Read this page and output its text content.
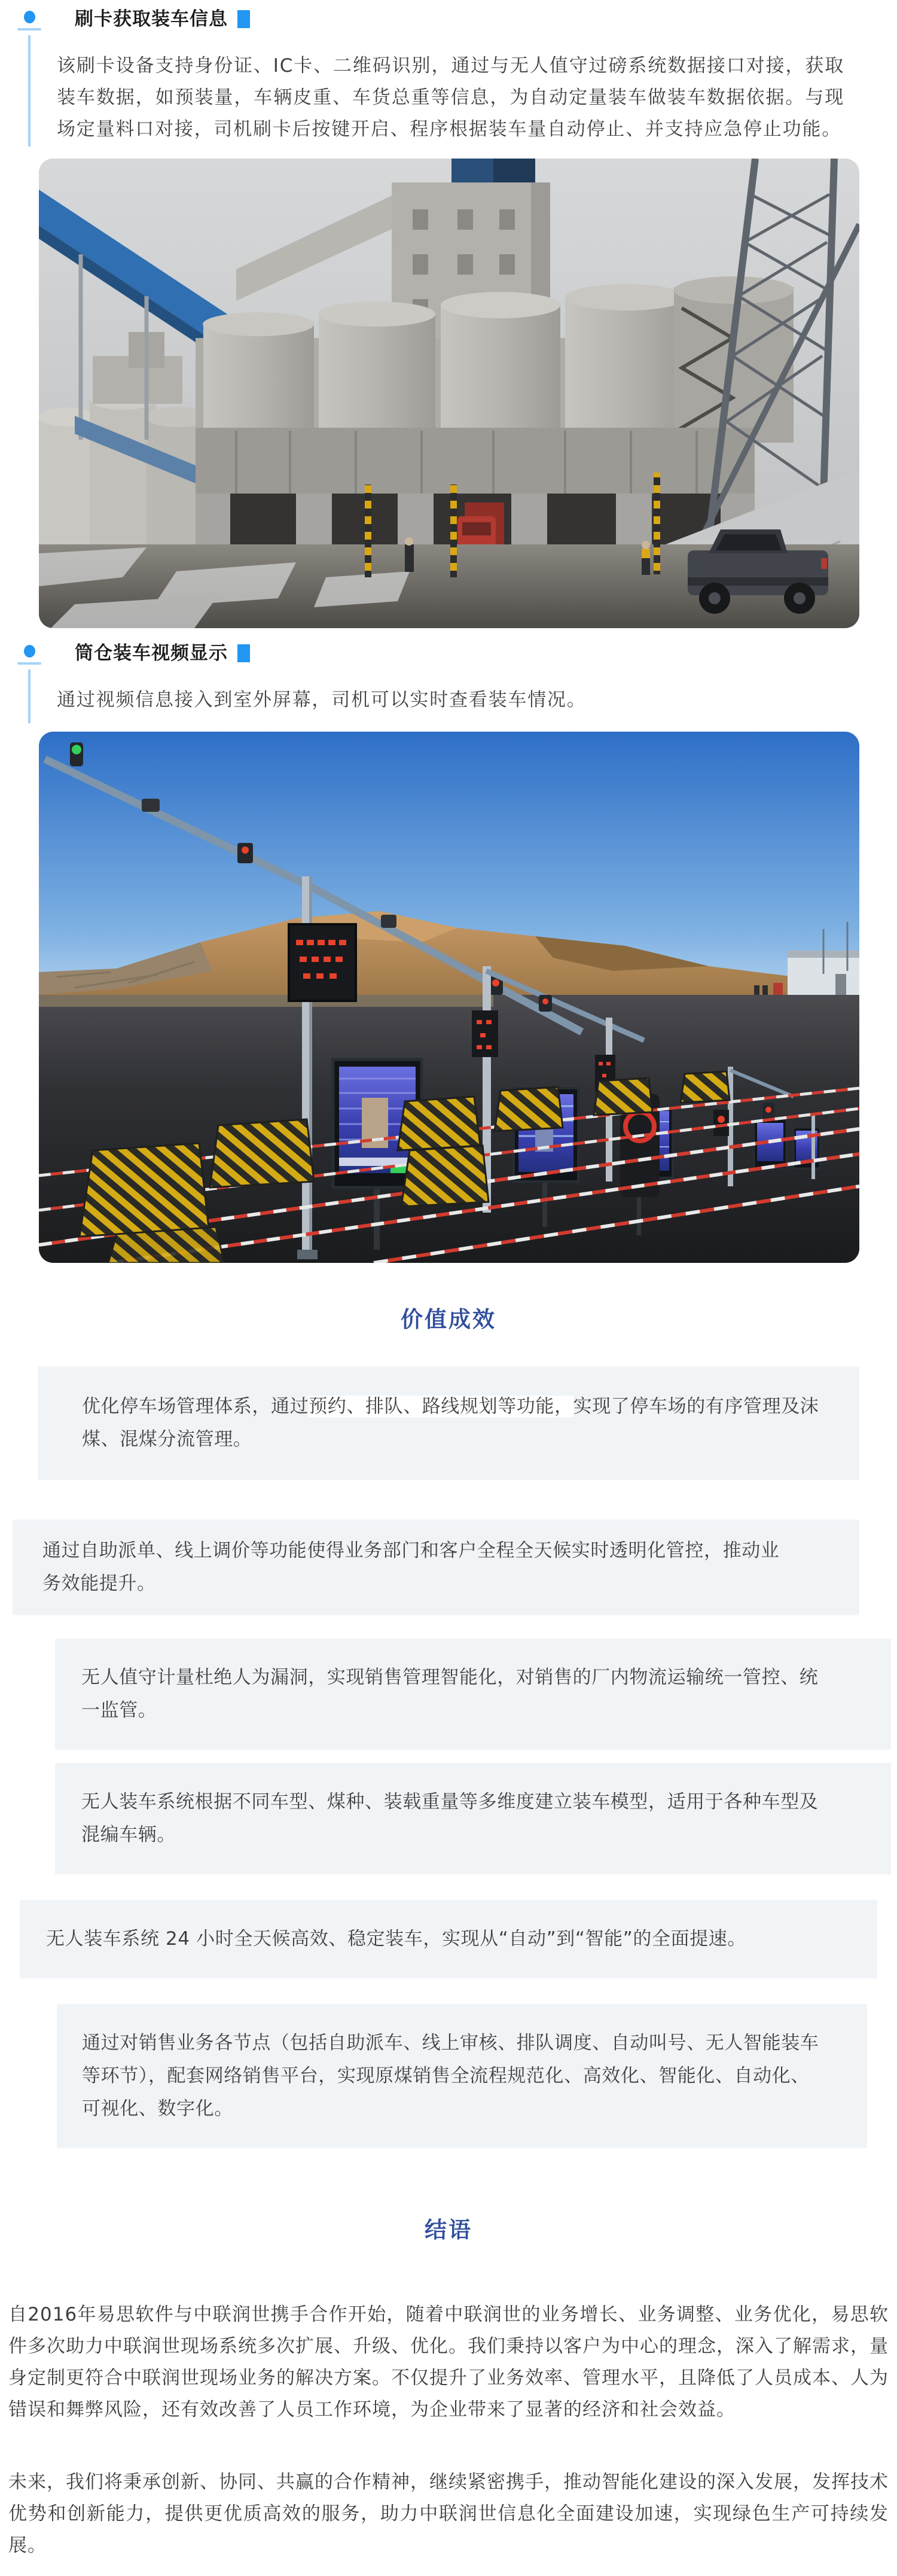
刷卡获取装车信息

该刷卡设备支持身份证、IC卡、二维码识别，通过与无人值守过磅系统数据接口对接，获取装车数据，如预装量，车辆皮重、车货总重等信息，为自动定量装车做装车数据依据。与现场定量料口对接，司机刷卡后按键开启、程序根据装车量自动停止、并支持应急停止功能。

筒仓装车视频显示

通过视频信息接入到室外屏幕，司机可以实时查看装车情况。

价值成效

优化停车场管理体系，通过预约、排队、路线规划等功能，实现了停车场的有序管理及沫煤、混煤分流管理。

通过自助派单、线上调价等功能使得业务部门和客户全程全天候实时透明化管控，推动业务效能提升。

无人值守计量杜绝人为漏洞，实现销售管理智能化，对销售的厂内物流运输统一管控、统一监管。

无人装车系统根据不同车型、煤种、装载重量等多维度建立装车模型，适用于各种车型及混编车辆。

无人装车系统 24 小时全天候高效、稳定装车，实现从“自动”到“智能”的全面提速。

通过对销售业务各节点（包括自助派车、线上审核、排队调度、自动叫号、无人智能装车等环节），配套网络销售平台，实现原煤销售全流程规范化、高效化、智能化、自动化、可视化、数字化。

结语

自2016年易思软件与中联润世携手合作开始，随着中联润世的业务增长、业务调整、业务优化，易思软件多次助力中联润世现场系统多次扩展、升级、优化。我们秉持以客户为中心的理念，深入了解需求，量身定制更符合中联润世现场业务的解决方案。不仅提升了业务效率、管理水平，且降低了人员成本、人为错误和舞弊风险，还有效改善了人员工作环境，为企业带来了显著的经济和社会效益。

未来，我们将秉承创新、协同、共赢的合作精神，继续紧密携手，推动智能化建设的深入发展，发挥技术优势和创新能力，提供更优质高效的服务，助力中联润世信息化全面建设加速，实现绿色生产可持续发展。
